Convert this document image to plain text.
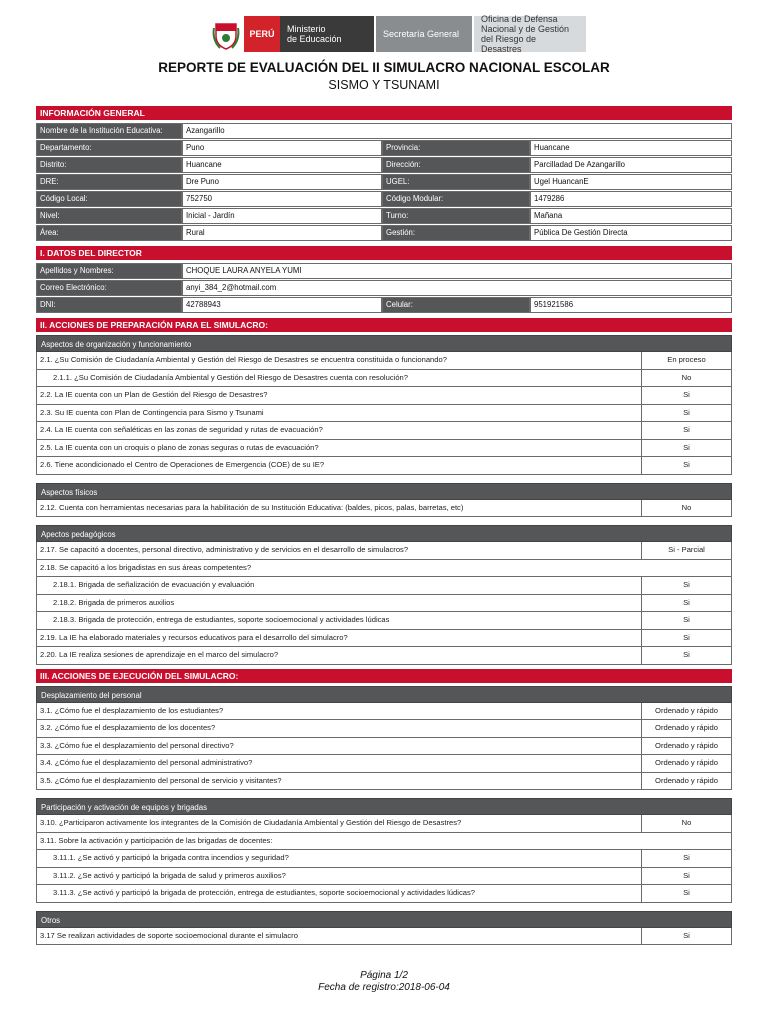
PERÚ	Ministerio
de Educación	Secretaría General
Oficina de Defensa
Nacional y de Gestión
del Riesgo de Desastres
REPORTE DE EVALUACIÓN DEL II SIMULACRO NACIONAL ESCOLAR
SISMO Y TSUNAMI
INFORMACIÓN GENERAL
Nombre de la Institución Educativa:	Azangarillo
Departamento:	Puno	Provincia:	Huancane
Distrito:	Huancane	Dirección:	Parcilladad De Azangarillo
DRE:	Dre Puno	UGEL:	Ugel HuancanE
Código Local:	752750	Código Modular:	1479286
Nivel:	Inicial - Jardín	Turno:	Mañana
Área:	Rural	Gestión:	Pública De Gestión Directa
I. DATOS DEL DIRECTOR
Apellidos y Nombres:	CHOQUE LAURA ANYELA YUMI
Correo Electrónico:	anyi_384_2@hotmail.com
DNI:	42788943	Celular:	951921586
II. ACCIONES DE PREPARACIÓN PARA EL SIMULACRO:
Aspectos de organización y funcionamiento
2.1. ¿Su Comisión de Ciudadanía Ambiental y Gestión del Riesgo de Desastres se encuentra constituida o funcionando?	En proceso
2.1.1. ¿Su Comisión de Ciudadanía Ambiental y Gestión del Riesgo de Desastres cuenta con resolución?	No
2.2. La IE cuenta con un Plan de Gestión del Riesgo de Desastres?	Si
2.3. Su IE cuenta con Plan de Contingencia para Sismo y Tsunami	Si
2.4. La IE cuenta con señaléticas en las zonas de seguridad y rutas de evacuación?	Si
2.5. La IE cuenta con un croquis o plano de zonas seguras o rutas de evacuación?	Si
2.6. Tiene acondicionado el Centro de Operaciones de Emergencia (COE) de su IE?	Si
Aspectos físicos
2.12. Cuenta con herramientas necesarias para la habilitación de su Institución Educativa: (baldes, picos, palas, barretas, etc)	No
Apectos pedagógicos
2.17. Se capacitó a docentes, personal directivo, administrativo y de servicios en el desarrollo de simulacros?	Si - Parcial
2.18. Se capacitó a los brigadistas en sus áreas competentes?
2.18.1. Brigada de señalización de evacuación y evaluación	Si
2.18.2. Brigada de primeros auxilios	Si
2.18.3. Brigada de protección, entrega de estudiantes, soporte socioemocional y actividades lúdicas	Si
2.19. La IE ha elaborado materiales y recursos educativos para el desarrollo del simulacro?	Si
2.20. La IE realiza sesiones de aprendizaje en el marco del simulacro?	Si
III. ACCIONES DE EJECUCIÓN DEL SIMULACRO:
Desplazamiento del personal
3.1. ¿Cómo fue el desplazamiento de los estudiantes?	Ordenado y rápido
3.2. ¿Cómo fue el desplazamiento de los docentes?	Ordenado y rápido
3.3. ¿Cómo fue el desplazamiento del personal directivo?	Ordenado y rápido
3.4. ¿Cómo fue el desplazamiento del personal administrativo?	Ordenado y rápido
3.5. ¿Cómo fue el desplazamiento del personal de servicio y visitantes?	Ordenado y rápido
Participación y activación de equipos y brigadas
3.10. ¿Participaron activamente los integrantes de la Comisión de Ciudadanía Ambiental y Gestión del Riesgo de Desastres?	No
3.11. Sobre la activación y participación de las brigadas de docentes:
3.11.1. ¿Se activó y participó la brigada contra incendios y seguridad?	Si
3.11.2. ¿Se activó y participó la brigada de salud y primeros auxilios?	Si
3.11.3. ¿Se activó y participó la brigada de protección, entrega de estudiantes, soporte socioemocional y actividades lúdicas?	Si
Otros
3.17 Se realizan actividades de soporte socioemocional durante el simulacro	Si
Página 1/2
Fecha de registro:2018-06-04
